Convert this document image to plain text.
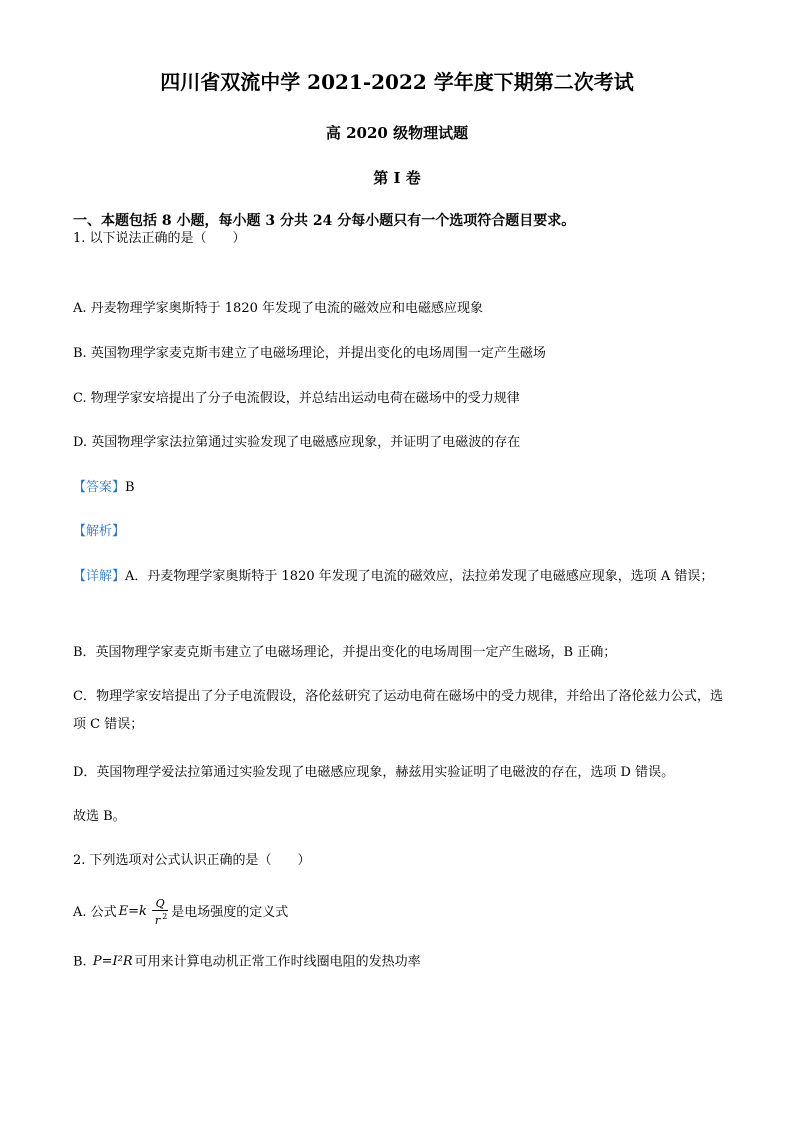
四川省双流中学 2021-2022 学年度下期第二次考试
高 2020 级物理试题
第 I 卷
一、本题包括 8 小题，每小题 3 分共 24 分每小题只有一个选项符合题目要求。
1. 以下说法正确的是（　　）
A. 丹麦物理学家奥斯特于 1820 年发现了电流的磁效应和电磁感应现象
B. 英国物理学家麦克斯韦建立了电磁场理论，并提出变化的电场周围一定产生磁场
C. 物理学家安培提出了分子电流假设，并总结出运动电荷在磁场中的受力规律
D. 英国物理学家法拉第通过实验发现了电磁感应现象，并证明了电磁波的存在
【答案】B
【解析】
【详解】A．丹麦物理学家奥斯特于 1820 年发现了电流的磁效应，法拉弟发现了电磁感应现象，选项 A 错误；
B．英国物理学家麦克斯韦建立了电磁场理论，并提出变化的电场周围一定产生磁场，B 正确；
C．物理学家安培提出了分子电流假设，洛伦兹研究了运动电荷在磁场中的受力规律，并给出了洛伦兹力公式，选项 C 错误；
D．英国物理学爱法拉第通过实验发现了电磁感应现象，赫兹用实验证明了电磁波的存在，选项 D 错误。
故选 B。
2. 下列选项对公式认识正确的是（　　）
A. 公式 $E=k \frac{Q}{r ^2}$ 是电场强度的定义式
B. P=I²R 可用来计算电动机正常工作时线圈电阻的发热功率
